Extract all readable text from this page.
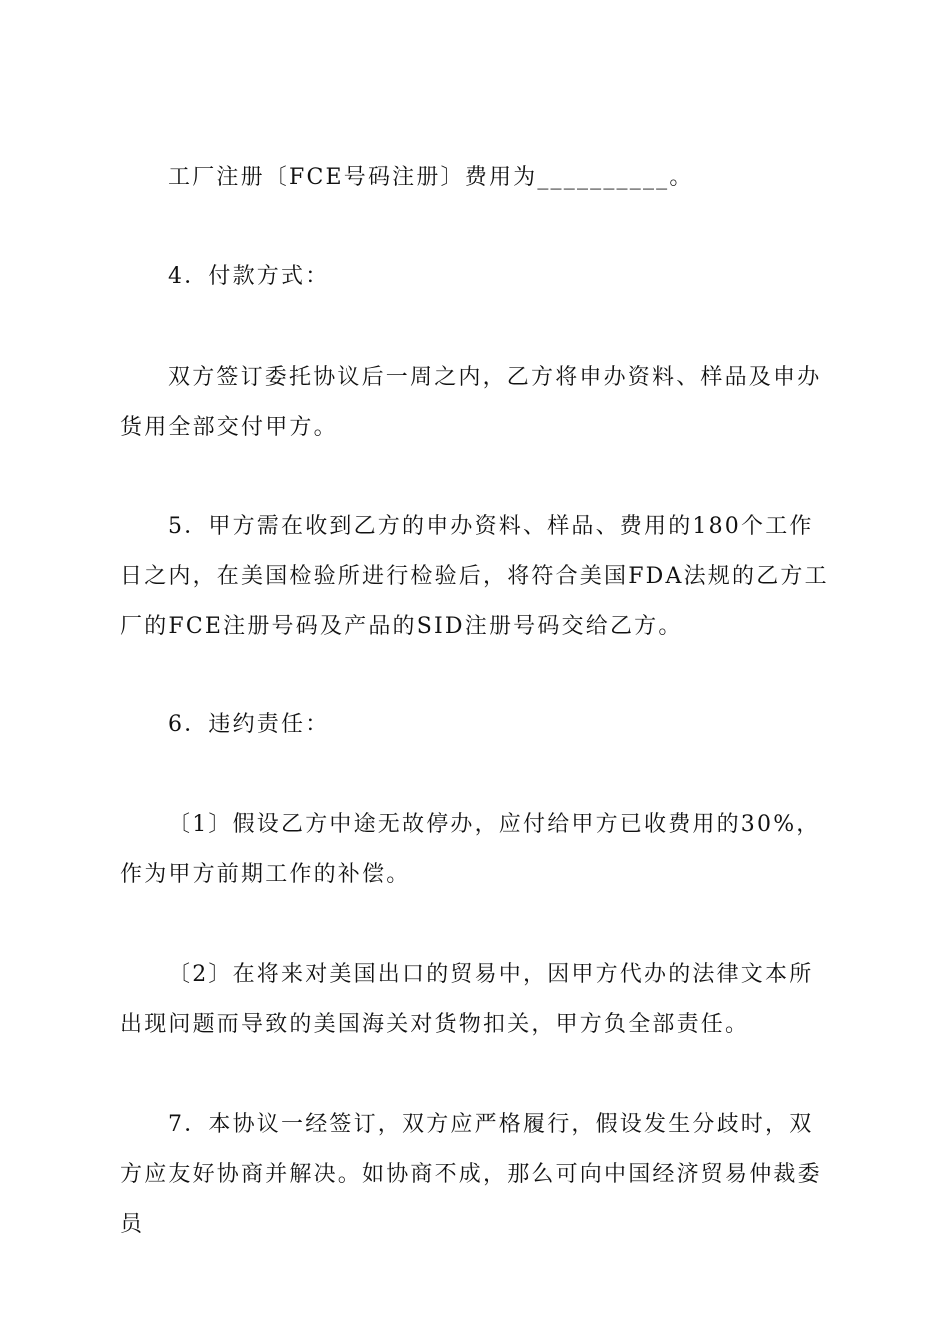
工厂注册〔FCE号码注册〕费用为__________。

4．付款方式：

双方签订委托协议后一周之内，乙方将申办资料、样品及申办货用全部交付甲方。

5．甲方需在收到乙方的申办资料、样品、费用的180个工作日之内，在美国检验所进行检验后，将符合美国FDA法规的乙方工厂的FCE注册号码及产品的SID注册号码交给乙方。

6．违约责任：

〔1〕假设乙方中途无故停办，应付给甲方已收费用的30%，作为甲方前期工作的补偿。

〔2〕在将来对美国出口的贸易中，因甲方代办的法律文本所出现问题而导致的美国海关对货物扣关，甲方负全部责任。

7．本协议一经签订，双方应严格履行，假设发生分歧时，双方应友好协商并解决。如协商不成，那么可向中国经济贸易仲裁委员
